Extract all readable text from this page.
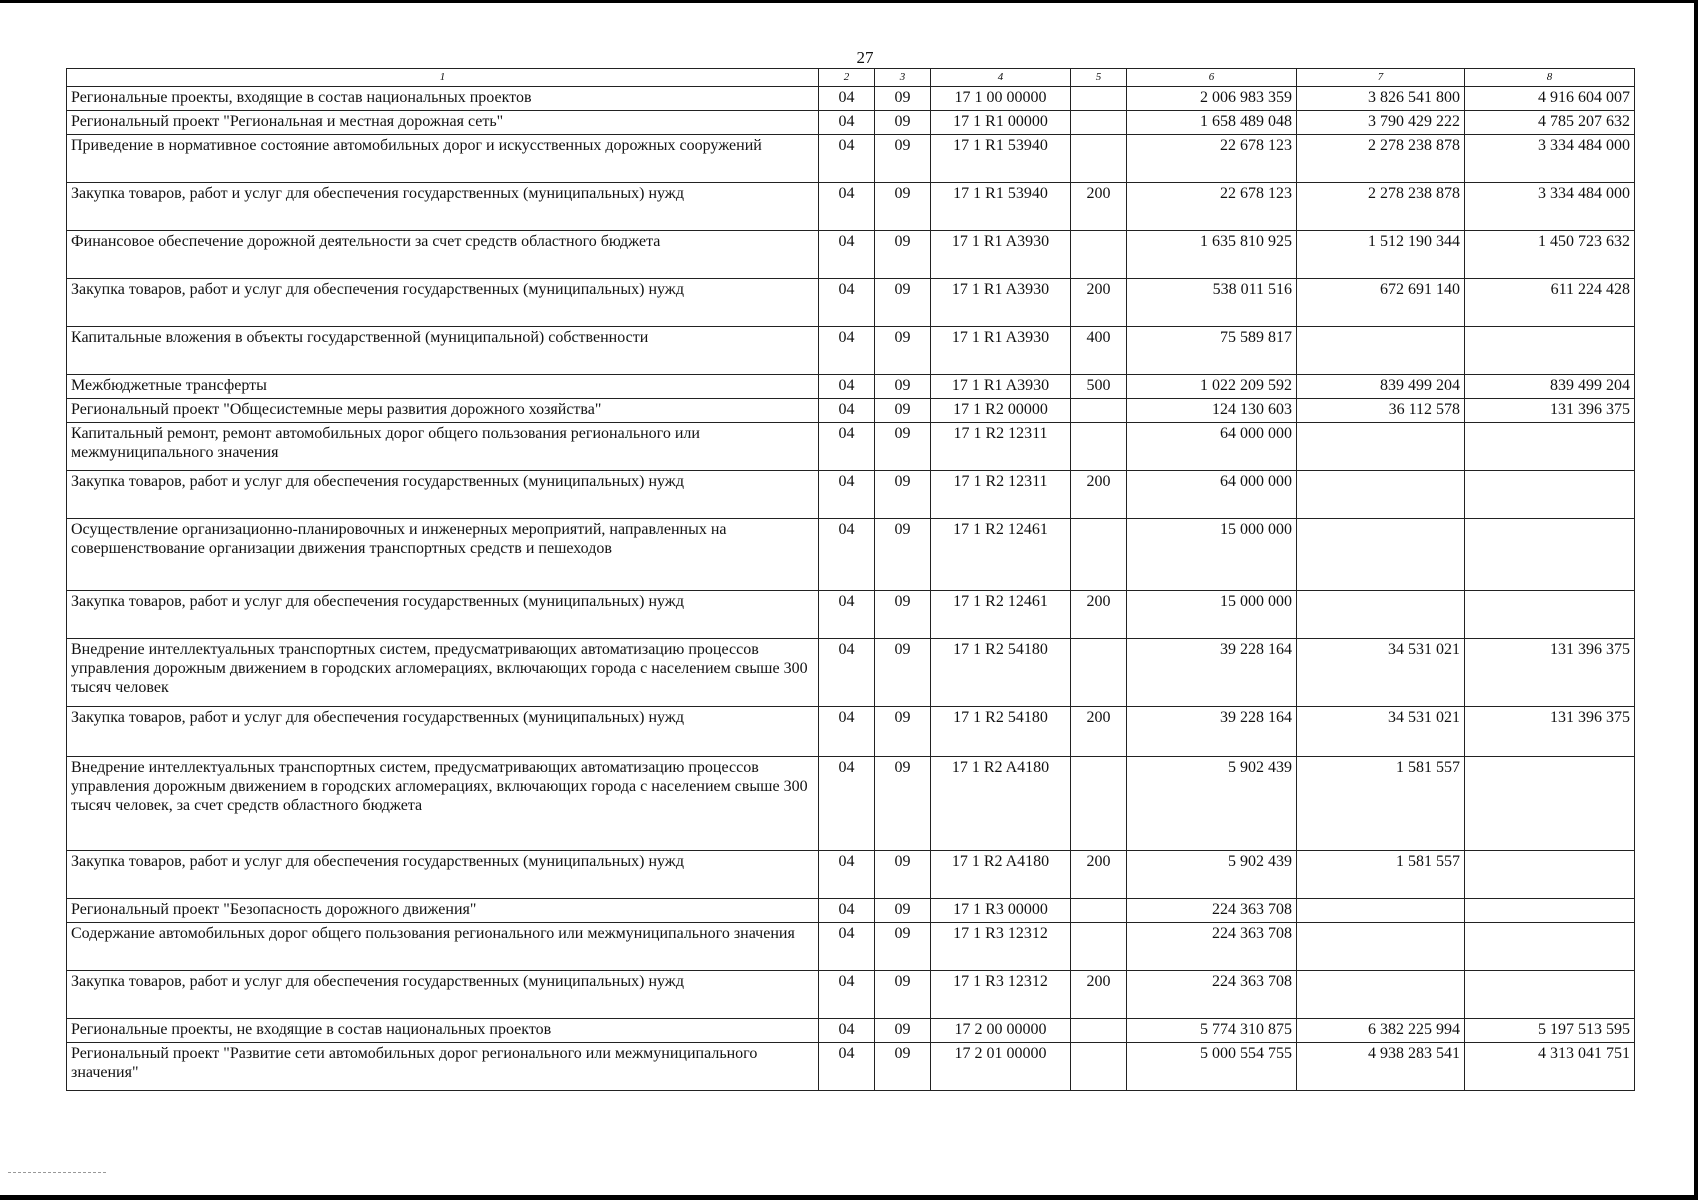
27
1	2	3	4	5	6	7	8
Региональные проекты, входящие в состав национальных проектов	04	09	17 1 00 00000		2 006 983 359	3 826 541 800	4 916 604 007
Региональный проект "Региональная и местная дорожная сеть"	04	09	17 1 R1 00000		1 658 489 048	3 790 429 222	4 785 207 632
Приведение в нормативное состояние автомобильных дорог и искусственных дорожных сооружений	04	09	17 1 R1 53940		22 678 123	2 278 238 878	3 334 484 000
Закупка товаров, работ и услуг для обеспечения государственных (муниципальных) нужд	04	09	17 1 R1 53940	200	22 678 123	2 278 238 878	3 334 484 000
Финансовое обеспечение дорожной деятельности за счет средств областного бюджета	04	09	17 1 R1 A3930		1 635 810 925	1 512 190 344	1 450 723 632
Закупка товаров, работ и услуг для обеспечения государственных (муниципальных) нужд	04	09	17 1 R1 A3930	200	538 011 516	672 691 140	611 224 428
Капитальные вложения в объекты государственной (муниципальной) собственности	04	09	17 1 R1 A3930	400	75 589 817		
Межбюджетные трансферты	04	09	17 1 R1 A3930	500	1 022 209 592	839 499 204	839 499 204
Региональный проект "Общесистемные меры развития дорожного хозяйства"	04	09	17 1 R2 00000		124 130 603	36 112 578	131 396 375
Капитальный ремонт, ремонт автомобильных дорог общего пользования регионального или межмуниципального значения	04	09	17 1 R2 12311		64 000 000		
Закупка товаров, работ и услуг для обеспечения государственных (муниципальных) нужд	04	09	17 1 R2 12311	200	64 000 000		
Осуществление организационно-планировочных и инженерных мероприятий, направленных на совершенствование организации движения транспортных средств и пешеходов	04	09	17 1 R2 12461		15 000 000		
Закупка товаров, работ и услуг для обеспечения государственных (муниципальных) нужд	04	09	17 1 R2 12461	200	15 000 000		
Внедрение интеллектуальных транспортных систем, предусматривающих автоматизацию процессов управления дорожным движением в городских агломерациях, включающих города с населением свыше 300 тысяч человек	04	09	17 1 R2 54180		39 228 164	34 531 021	131 396 375
Закупка товаров, работ и услуг для обеспечения государственных (муниципальных) нужд	04	09	17 1 R2 54180	200	39 228 164	34 531 021	131 396 375
Внедрение интеллектуальных транспортных систем, предусматривающих автоматизацию процессов управления дорожным движением в городских агломерациях, включающих города с населением свыше 300 тысяч человек, за счет средств областного бюджета	04	09	17 1 R2 A4180		5 902 439	1 581 557	
Закупка товаров, работ и услуг для обеспечения государственных (муниципальных) нужд	04	09	17 1 R2 A4180	200	5 902 439	1 581 557	
Региональный проект "Безопасность дорожного движения"	04	09	17 1 R3 00000		224 363 708		
Содержание автомобильных дорог общего пользования регионального или межмуниципального значения	04	09	17 1 R3 12312		224 363 708		
Закупка товаров, работ и услуг для обеспечения государственных (муниципальных) нужд	04	09	17 1 R3 12312	200	224 363 708		
Региональные проекты, не входящие в состав национальных проектов	04	09	17 2 00 00000		5 774 310 875	6 382 225 994	5 197 513 595
Региональный проект "Развитие сети автомобильных дорог регионального или межмуниципального значения"	04	09	17 2 01 00000		5 000 554 755	4 938 283 541	4 313 041 751
